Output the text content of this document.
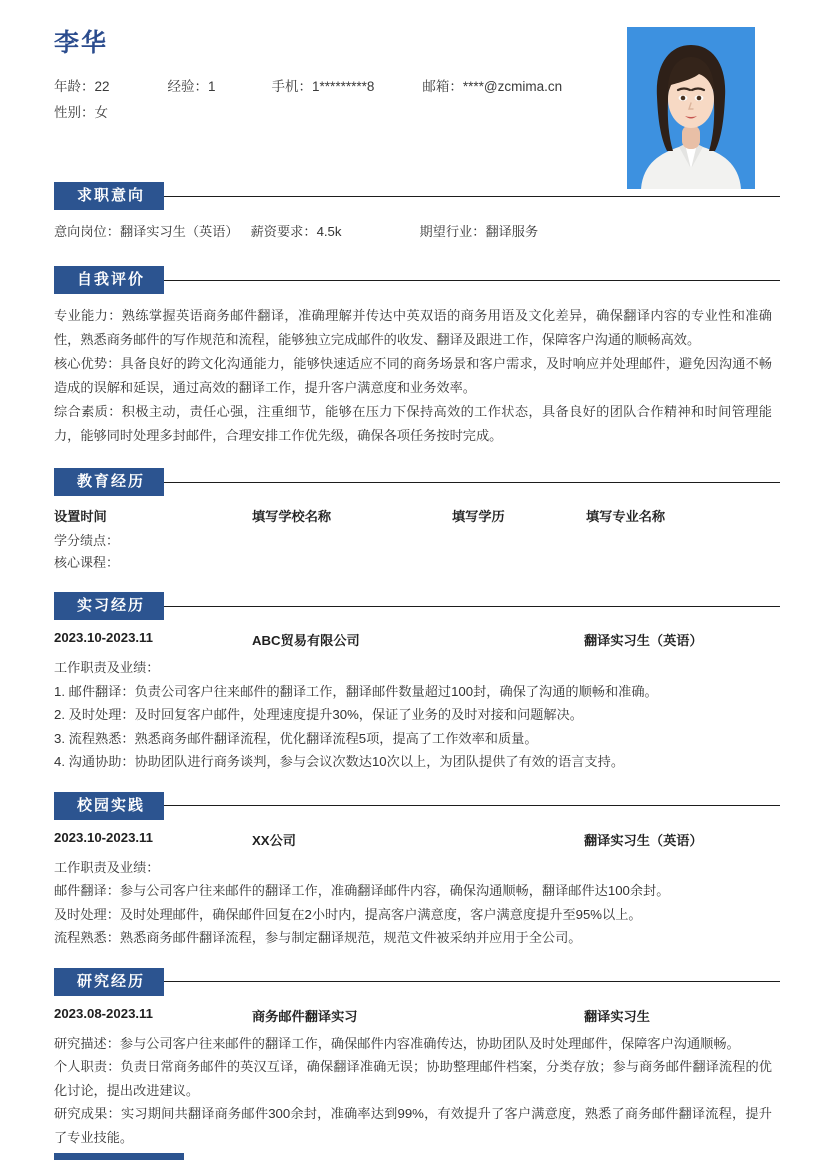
李华
年龄：22	经验：1	手机：1*********8	邮箱：****@zcmima.cn
性别：女
求职意向
意向岗位： 翻译实习生（英语） 薪资要求： 4.5k	期望行业： 翻译服务
自我评价

专业能力：熟练掌握英语商务邮件翻译，准确理解并传达中英双语的商务用语及文化差异，确保翻译内容的专业性和准确性，熟悉商务邮件的写作规范和流程，能够独立完成邮件的收发、翻译及跟进工作，保障客户沟通的顺畅高效。

核心优势：具备良好的跨文化沟通能力，能够快速适应不同的商务场景和客户需求，及时响应并处理邮件，避免因沟通不畅造成的误解和延误，通过高效的翻译工作，提升客户满意度和业务效率。

综合素质：积极主动，责任心强，注重细节，能够在压力下保持高效的工作状态，具备良好的团队合作精神和时间管理能力，能够同时处理多封邮件，合理安排工作优先级，确保各项任务按时完成。

教育经历
设置时间	填写学校名称	填写学历	填写专业名称
学分绩点：
核心课程：
实习经历
2023.10-2023.11	ABC贸易有限公司	翻译实习生（英语）
工作职责及业绩：
1. 邮件翻译：负责公司客户往来邮件的翻译工作，翻译邮件数量超过100封，确保了沟通的顺畅和准确。
2. 及时处理：及时回复客户邮件，处理速度提升30%，保证了业务的及时对接和问题解决。
3. 流程熟悉：熟悉商务邮件翻译流程，优化翻译流程5项，提高了工作效率和质量。
4. 沟通协助：协助团队进行商务谈判，参与会议次数达10次以上，为团队提供了有效的语言支持。
校园实践
2023.10-2023.11	XX公司	翻译实习生（英语）
工作职责及业绩：
邮件翻译：参与公司客户往来邮件的翻译工作，准确翻译邮件内容，确保沟通顺畅，翻译邮件达100余封。
及时处理：及时处理邮件，确保邮件回复在2小时内，提高客户满意度，客户满意度提升至95%以上。
流程熟悉：熟悉商务邮件翻译流程，参与制定翻译规范，规范文件被采纳并应用于全公司。
研究经历
2023.08-2023.11	商务邮件翻译实习	翻译实习生
研究描述：参与公司客户往来邮件的翻译工作，确保邮件内容准确传达，协助团队及时处理邮件，保障客户沟通顺畅。
个人职责：负责日常商务邮件的英汉互译，确保翻译准确无误；协助整理邮件档案，分类存放；参与商务邮件翻译流程的优化讨论，提出改进建议。
研究成果：实习期间共翻译商务邮件300余封，准确率达到99%，有效提升了客户满意度，熟悉了商务邮件翻译流程，提升了专业技能。
